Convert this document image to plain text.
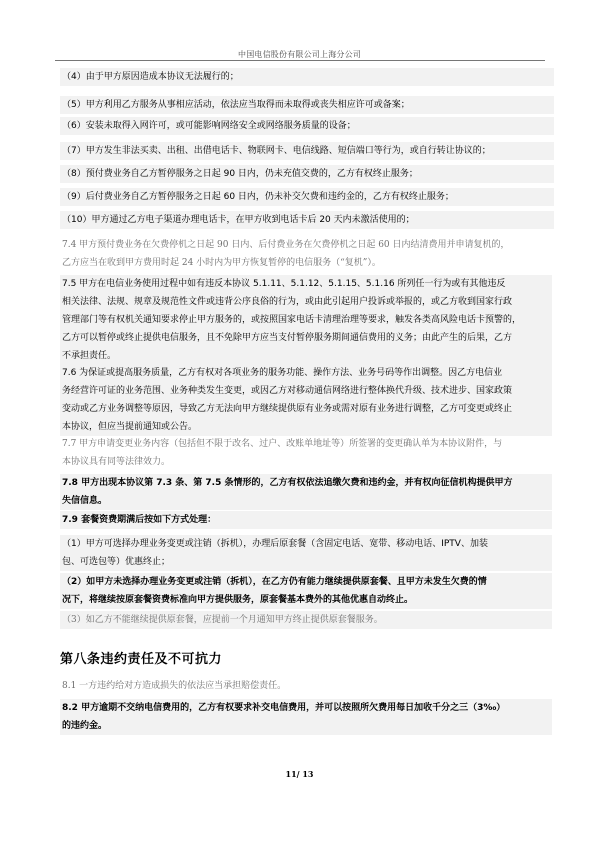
中国电信股份有限公司上海分公司
（4）由于甲方原因造成本协议无法履行的；
（5）甲方利用乙方服务从事相应活动，依法应当取得而未取得或丧失相应许可或备案；
（6）安装未取得入网许可，或可能影响网络安全或网络服务质量的设备；
（7）甲方发生非法买卖、出租、出借电话卡、物联网卡、电信线路、短信端口等行为，或自行转让协议的；
（8）预付费业务自乙方暂停服务之日起 90 日内，仍未充值交费的，乙方有权终止服务；
（9）后付费业务自乙方暂停服务之日起 60 日内，仍未补交欠费和违约金的，乙方有权终止服务；
（10）甲方通过乙方电子渠道办理电话卡，在甲方收到电话卡后 20 天内未激活使用的；
7.4 甲方预付费业务在欠费停机之日起 90 日内、后付费业务在欠费停机之日起 60 日内结清费用并申请复机的，
乙方应当在收到甲方费用时起 24 小时内为甲方恢复暂停的电信服务（“复机”）。
7.5 甲方在电信业务使用过程中如有违反本协议 5.1.11、5.1.12、5.1.15、5.1.16 所列任一行为或有其他违反
相关法律、法规、规章及规范性文件或违背公序良俗的行为，或由此引起用户投诉或举报的，或乙方收到国家行政
管理部门等有权机关通知要求停止甲方服务的，或按照国家电话卡清理治理等要求，触发各类高风险电话卡预警的，
乙方可以暂停或终止提供电信服务，且不免除甲方应当支付暂停服务期间通信费用的义务；由此产生的后果，乙方
不承担责任。
7.6 为保证或提高服务质量，乙方有权对各项业务的服务功能、操作方法、业务号码等作出调整。因乙方电信业
务经营许可证的业务范围、业务种类发生变更，或因乙方对移动通信网络进行整体换代升级、技术进步、国家政策
变动或乙方业务调整等原因，导致乙方无法向甲方继续提供原有业务或需对原有业务进行调整，乙方可变更或终止
本协议，但应当提前通知或公告。
7.7 甲方申请变更业务内容（包括但不限于改名、过户、改账单地址等）所签署的变更确认单为本协议附件，与
本协议具有同等法律效力。
7.8 甲方出现本协议第 7.3 条、第 7.5 条情形的，乙方有权依法追缴欠费和违约金，并有权向征信机构提供甲方
失信信息。
7.9 套餐资费期满后按如下方式处理：
（1）甲方可选择办理业务变更或注销（拆机），办理后原套餐（含固定电话、宽带、移动电话、IPTV、加装
包、可选包等）优惠终止；
（2）如甲方未选择办理业务变更或注销（拆机），在乙方仍有能力继续提供原套餐、且甲方未发生欠费的情
况下，将继续按原套餐资费标准向甲方提供服务，原套餐基本费外的其他优惠自动终止。
（3）如乙方不能继续提供原套餐，应提前一个月通知甲方终止提供原套餐服务。
第八条违约责任及不可抗力
8.1 一方违约给对方造成损失的依法应当承担赔偿责任。
8.2 甲方逾期不交纳电信费用的，乙方有权要求补交电信费用，并可以按照所欠费用每日加收千分之三（3‰）
的违约金。
11/ 13
